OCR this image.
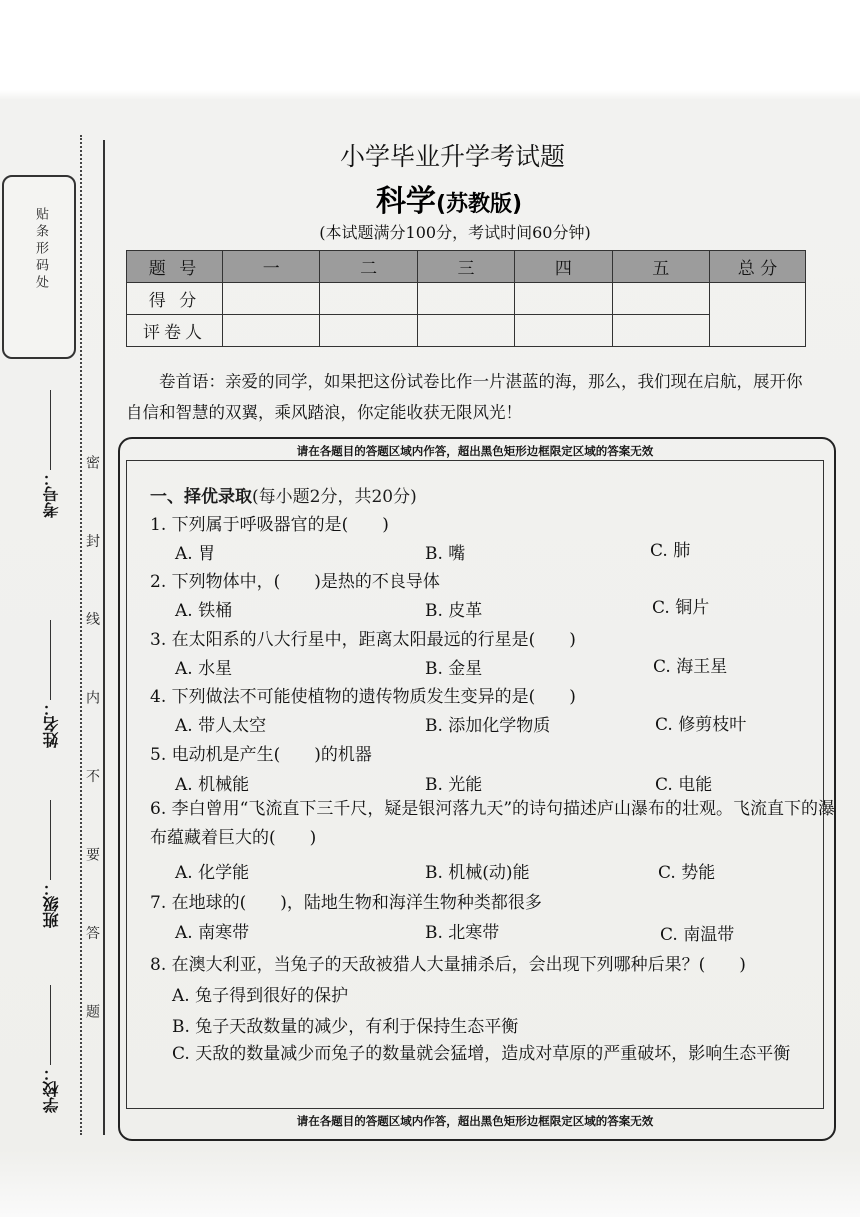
贴条形码处
考号：
姓名：
班级：
学校：
密 封 线 内 不 要 答 题
小学毕业升学考试题
科学(苏教版)
(本试题满分100分，考试时间60分钟)
题 号	一	二	三	四	五	总 分
得 分						
评卷人						
卷首语：亲爱的同学，如果把这份试卷比作一片湛蓝的海，那么，我们现在启航，展开你自信和智慧的双翼，乘风踏浪，你定能收获无限风光！
请在各题目的答题区域内作答，超出黑色矩形边框限定区域的答案无效
请在各题目的答题区域内作答，超出黑色矩形边框限定区域的答案无效
一、择优录取(每小题2分，共20分)
1. 下列属于呼吸器官的是(　　)
A. 胃	B. 嘴	C. 肺
2. 下列物体中，(　　)是热的不良导体
A. 铁桶	B. 皮革	C. 铜片
3. 在太阳系的八大行星中，距离太阳最远的行星是(　　)
A. 水星	B. 金星	C. 海王星
4. 下列做法不可能使植物的遗传物质发生变异的是(　　)
A. 带人太空	B. 添加化学物质	C. 修剪枝叶
5. 电动机是产生(　　)的机器
A. 机械能	B. 光能	C. 电能
6. 李白曾用“飞流直下三千尺，疑是银河落九天”的诗句描述庐山瀑布的壮观。飞流直下的瀑布蕴藏着巨大的(　　)
A. 化学能	B. 机械(动)能	C. 势能
7. 在地球的(　　)，陆地生物和海洋生物种类都很多
A. 南寒带	B. 北寒带	C. 南温带
8. 在澳大利亚，当兔子的天敌被猎人大量捕杀后，会出现下列哪种后果？(　　)
A. 兔子得到很好的保护
B. 兔子天敌数量的减少，有利于保持生态平衡
C. 天敌的数量减少而兔子的数量就会猛增，造成对草原的严重破坏，影响生态平衡
